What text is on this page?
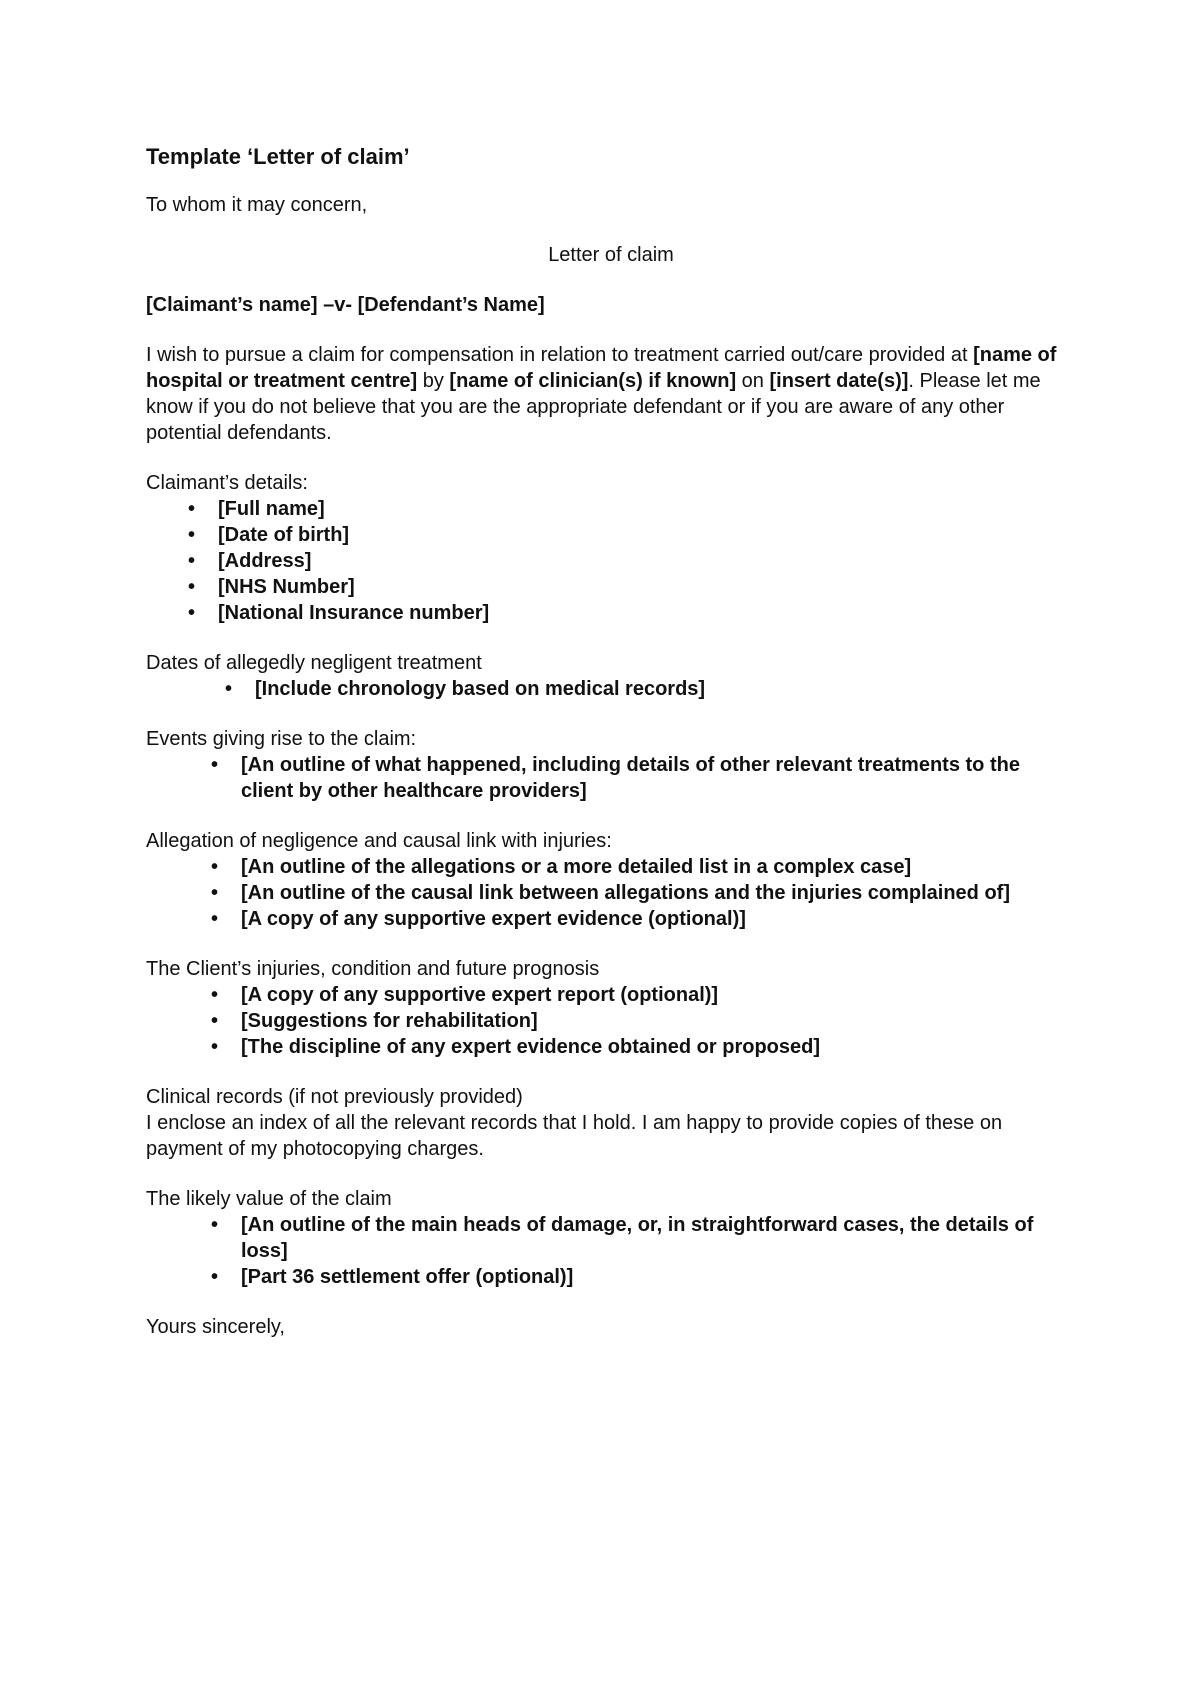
Template ‘Letter of claim’

To whom it may concern,

Letter of claim

[Claimant’s name] –v- [Defendant’s Name]

I wish to pursue a claim for compensation in relation to treatment carried out/care provided at [name of hospital or treatment centre] by [name of clinician(s) if known] on [insert date(s)]. Please let me know if you do not believe that you are the appropriate defendant or if you are aware of any other potential defendants.

Claimant’s details:
• [Full name]
• [Date of birth]
• [Address]
• [NHS Number]
• [National Insurance number]
Dates of allegedly negligent treatment
• [Include chronology based on medical records]
Events giving rise to the claim:
• [An outline of what happened, including details of other relevant treatments to the client by other healthcare providers]
Allegation of negligence and causal link with injuries:
• [An outline of the allegations or a more detailed list in a complex case]
• [An outline of the causal link between allegations and the injuries complained of]
• [A copy of any supportive expert evidence (optional)]
The Client’s injuries, condition and future prognosis
• [A copy of any supportive expert report (optional)]
• [Suggestions for rehabilitation]
• [The discipline of any expert evidence obtained or proposed]
Clinical records (if not previously provided)

I enclose an index of all the relevant records that I hold. I am happy to provide copies of these on payment of my photocopying charges.

The likely value of the claim
• [An outline of the main heads of damage, or, in straightforward cases, the details of loss]
• [Part 36 settlement offer (optional)]

Yours sincerely,
